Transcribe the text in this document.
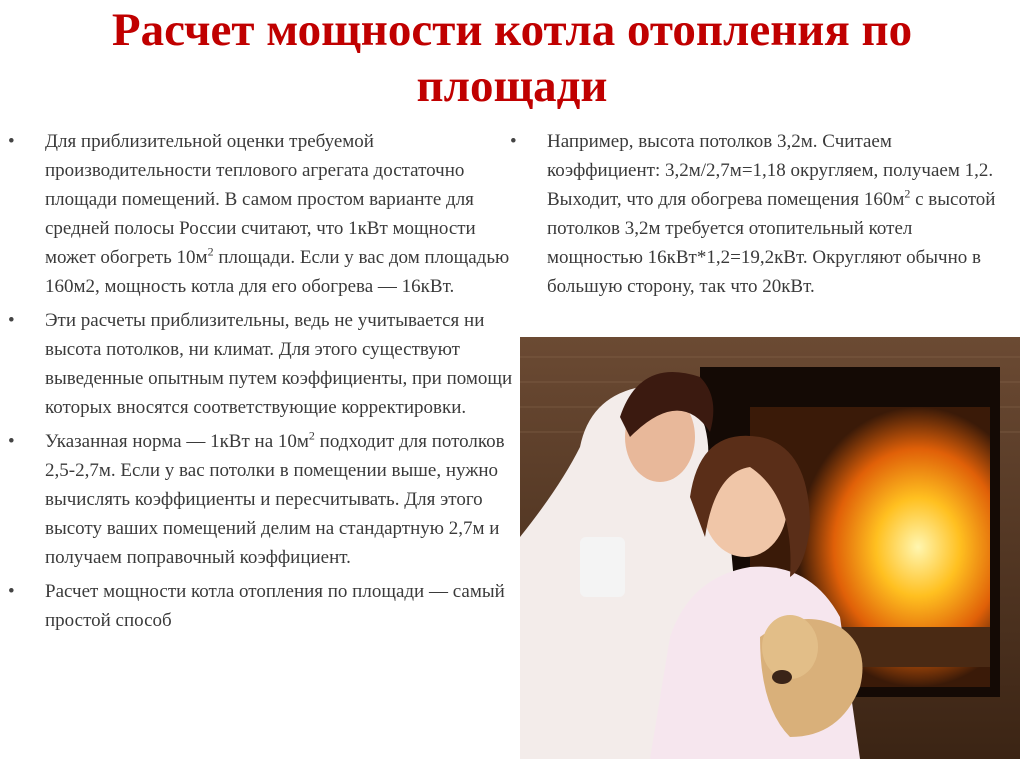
Расчет мощности котла отопления по
площади
•	Для приблизительной оценки требуемой производительности теплового агрегата достаточно площади помещений. В самом простом варианте для средней полосы России считают, что 1кВт мощности может обогреть $10м^2$ площади. Если у вас дом площадью 160м2, мощность котла для его обогрева — 16кВт.
•	Эти расчеты приблизительны, ведь не учитывается ни высота потолков, ни климат. Для этого существуют выведенные опытным путем коэффициенты, при помощи которых вносятся соответствующие корректировки.
•	Указанная норма — 1кВт на $10м^2$ подходит для потолков 2,5-2,7м. Если у вас потолки в помещении выше, нужно вычислять коэффициенты и пересчитывать. Для этого высоту ваших помещений делим на стандартную 2,7м и получаем поправочный коэффициент.
•	Расчет мощности котла отопления по площади — самый простой способ
•	Например, высота потолков 3,2м. Считаем коэффициент: 3,2м/2,7м=1,18 округляем, получаем 1,2. Выходит, что для обогрева помещения $160м^2$ с высотой потолков 3,2м требуется отопительный котел мощностью 16кВт*1,2=19,2кВт. Округляют обычно в большую сторону, так что 20кВт.
